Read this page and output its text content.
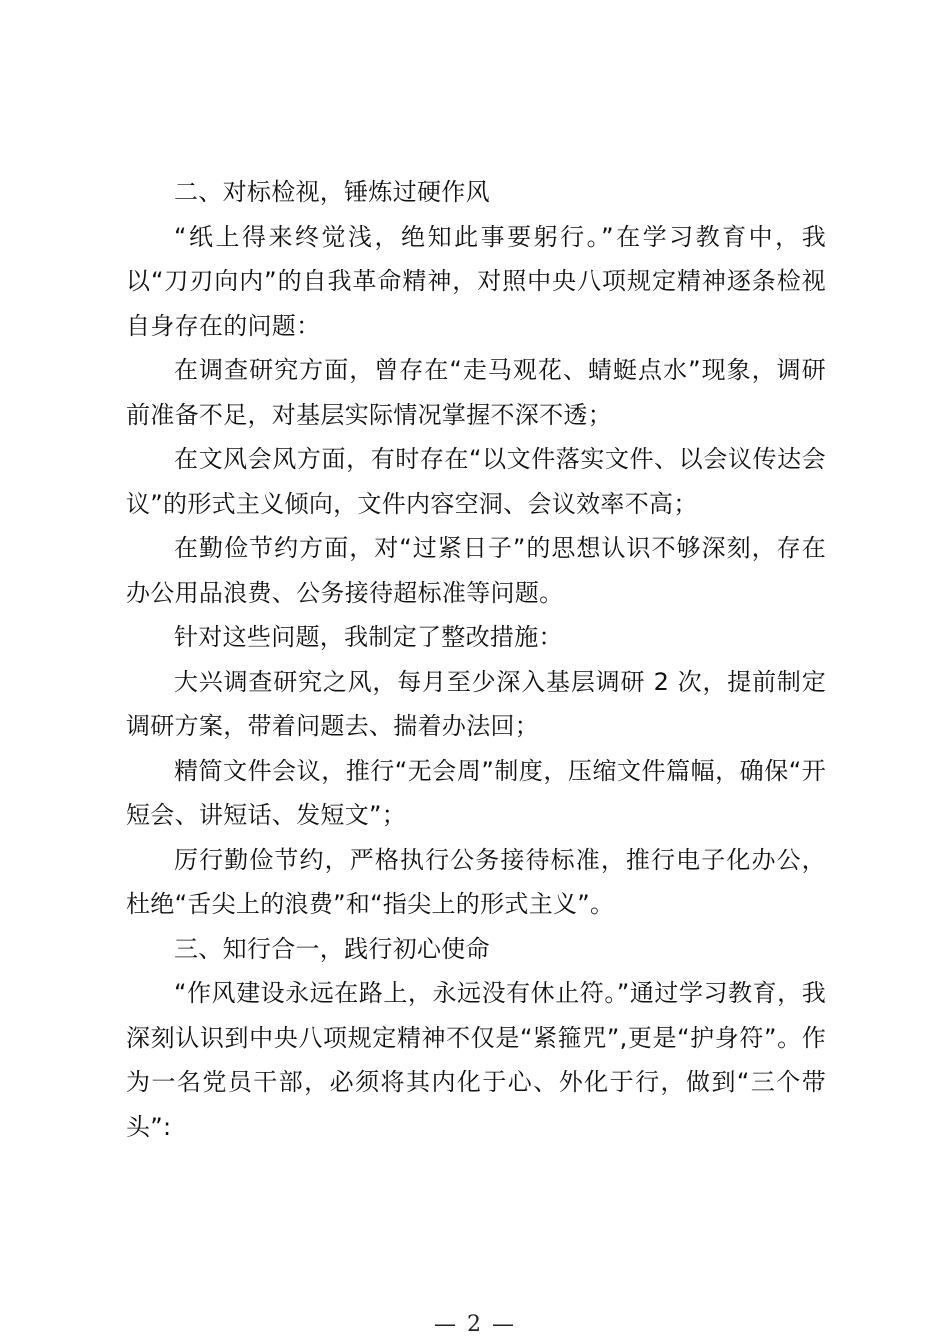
二、对标检视，锤炼过硬作风

“纸上得来终觉浅，绝知此事要躬行。”在学习教育中，我以“刀刃向内”的自我革命精神，对照中央八项规定精神逐条检视自身存在的问题：

在调查研究方面，曾存在“走马观花、蜻蜓点水”现象，调研前准备不足，对基层实际情况掌握不深不透；

在文风会风方面，有时存在“以文件落实文件、以会议传达会议”的形式主义倾向，文件内容空洞、会议效率不高；

在勤俭节约方面，对“过紧日子”的思想认识不够深刻，存在办公用品浪费、公务接待超标准等问题。

针对这些问题，我制定了整改措施：

大兴调查研究之风，每月至少深入基层调研 2 次，提前制定调研方案，带着问题去、揣着办法回；

精简文件会议，推行“无会周”制度，压缩文件篇幅，确保“开短会、讲短话、发短文”；

厉行勤俭节约，严格执行公务接待标准，推行电子化办公，杜绝“舌尖上的浪费”和“指尖上的形式主义”。

三、知行合一，践行初心使命

“作风建设永远在路上，永远没有休止符。”通过学习教育，我深刻认识到中央八项规定精神不仅是“紧箍咒”,更是“护身符”。作为一名党员干部，必须将其内化于心、外化于行，做到“三个带头”:

— 2 —
